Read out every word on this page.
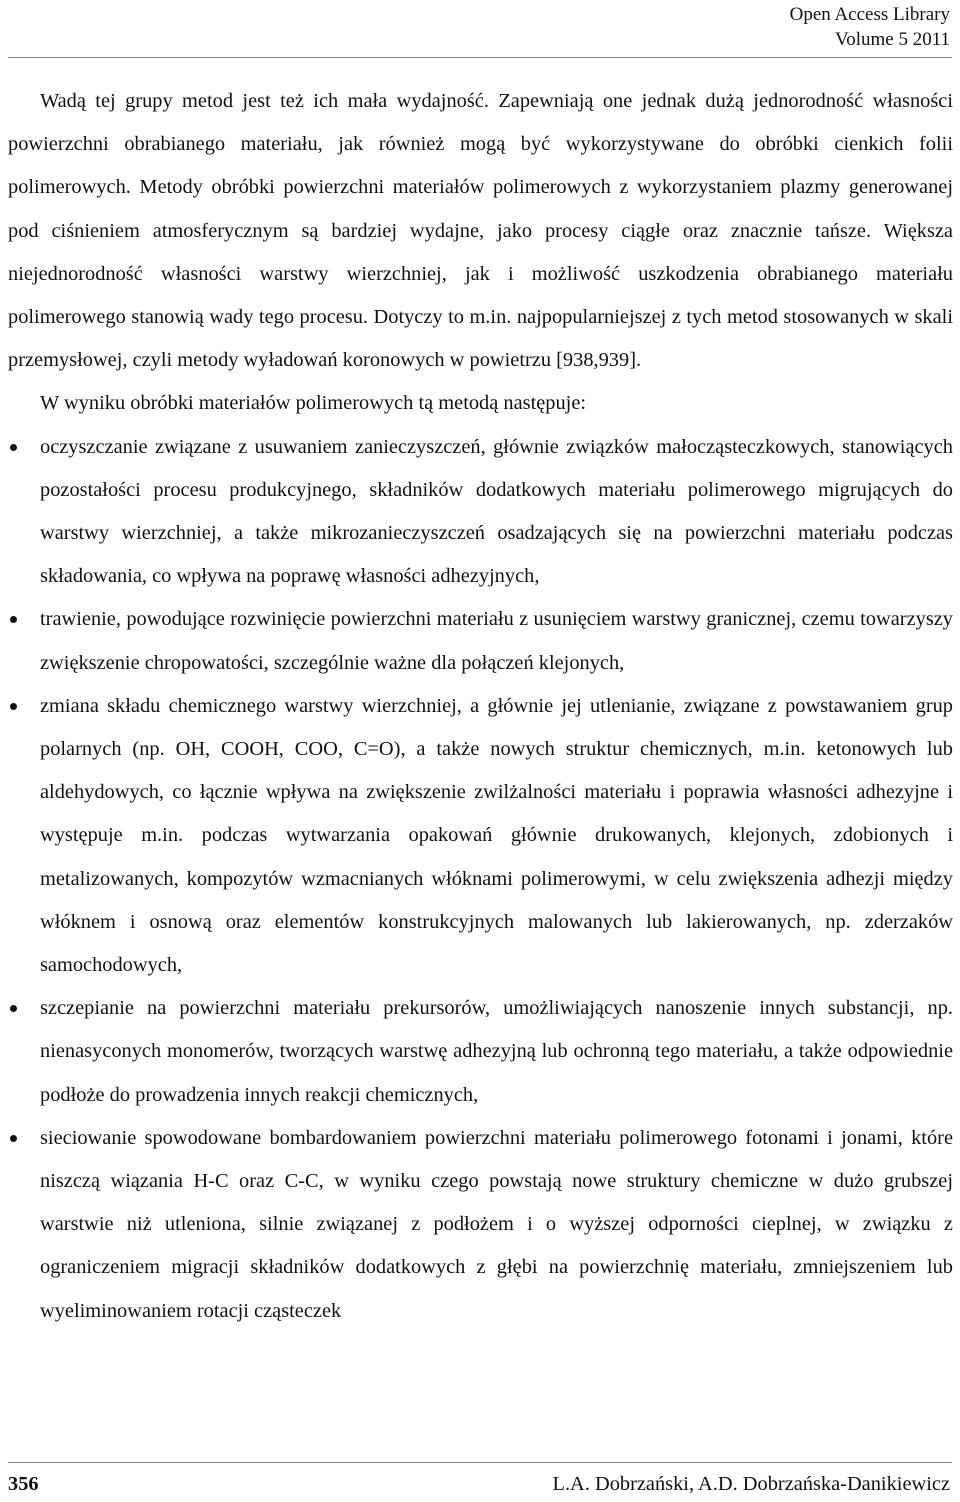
Open Access Library
Volume 5 2011

Wadą tej grupy metod jest też ich mała wydajność. Zapewniają one jednak dużą jednorodność własności powierzchni obrabianego materiału, jak również mogą być wykorzystywane do obróbki cienkich folii polimerowych. Metody obróbki powierzchni materiałów polimerowych z wykorzystaniem plazmy generowanej pod ciśnieniem atmosferycznym są bardziej wydajne, jako procesy ciągłe oraz znacznie tańsze. Większa niejednorodność własności warstwy wierzchniej, jak i możliwość uszkodzenia obrabianego materiału polimerowego stanowią wady tego procesu. Dotyczy to m.in. najpopularniejszej z tych metod stosowanych w skali przemysłowej, czyli metody wyładowań koronowych w powietrzu [938,939].

W wyniku obróbki materiałów polimerowych tą metodą następuje:

oczyszczanie związane z usuwaniem zanieczyszczeń, głównie związków małocząsteczkowych, stanowiących pozostałości procesu produkcyjnego, składników dodatkowych materiału polimerowego migrujących do warstwy wierzchniej, a także mikrozanieczyszczeń osadzających się na powierzchni materiału podczas składowania, co wpływa na poprawę własności adhezyjnych,
trawienie, powodujące rozwinięcie powierzchni materiału z usunięciem warstwy granicznej, czemu towarzyszy zwiększenie chropowatości, szczególnie ważne dla połączeń klejonych,
zmiana składu chemicznego warstwy wierzchniej, a głównie jej utlenianie, związane z powstawaniem grup polarnych (np. OH, COOH, COO, C=O), a także nowych struktur chemicznych, m.in. ketonowych lub aldehydowych, co łącznie wpływa na zwiększenie zwilżalności materiału i poprawia własności adhezyjne i występuje m.in. podczas wytwarzania opakowań głównie drukowanych, klejonych, zdobionych i metalizowanych, kompozytów wzmacnianych włóknami polimerowymi, w celu zwiększenia adhezji między włóknem i osnową oraz elementów konstrukcyjnych malowanych lub lakierowanych, np. zderzaków samochodowych,
szczepianie na powierzchni materiału prekursorów, umożliwiających nanoszenie innych substancji, np. nienasyconych monomerów, tworzących warstwę adhezyjną lub ochronną tego materiału, a także odpowiednie podłoże do prowadzenia innych reakcji chemicznych,
sieciowanie spowodowane bombardowaniem powierzchni materiału polimerowego fotonami i jonami, które niszczą wiązania H-C oraz C-C, w wyniku czego powstają nowe struktury chemiczne w dużo grubszej warstwie niż utleniona, silnie związanej z podłożem i o wyższej odporności cieplnej, w związku z ograniczeniem migracji składników dodatkowych z głębi na powierzchnię materiału, zmniejszeniem lub wyeliminowaniem rotacji cząsteczek
356	L.A. Dobrzański, A.D. Dobrzańska-Danikiewicz
